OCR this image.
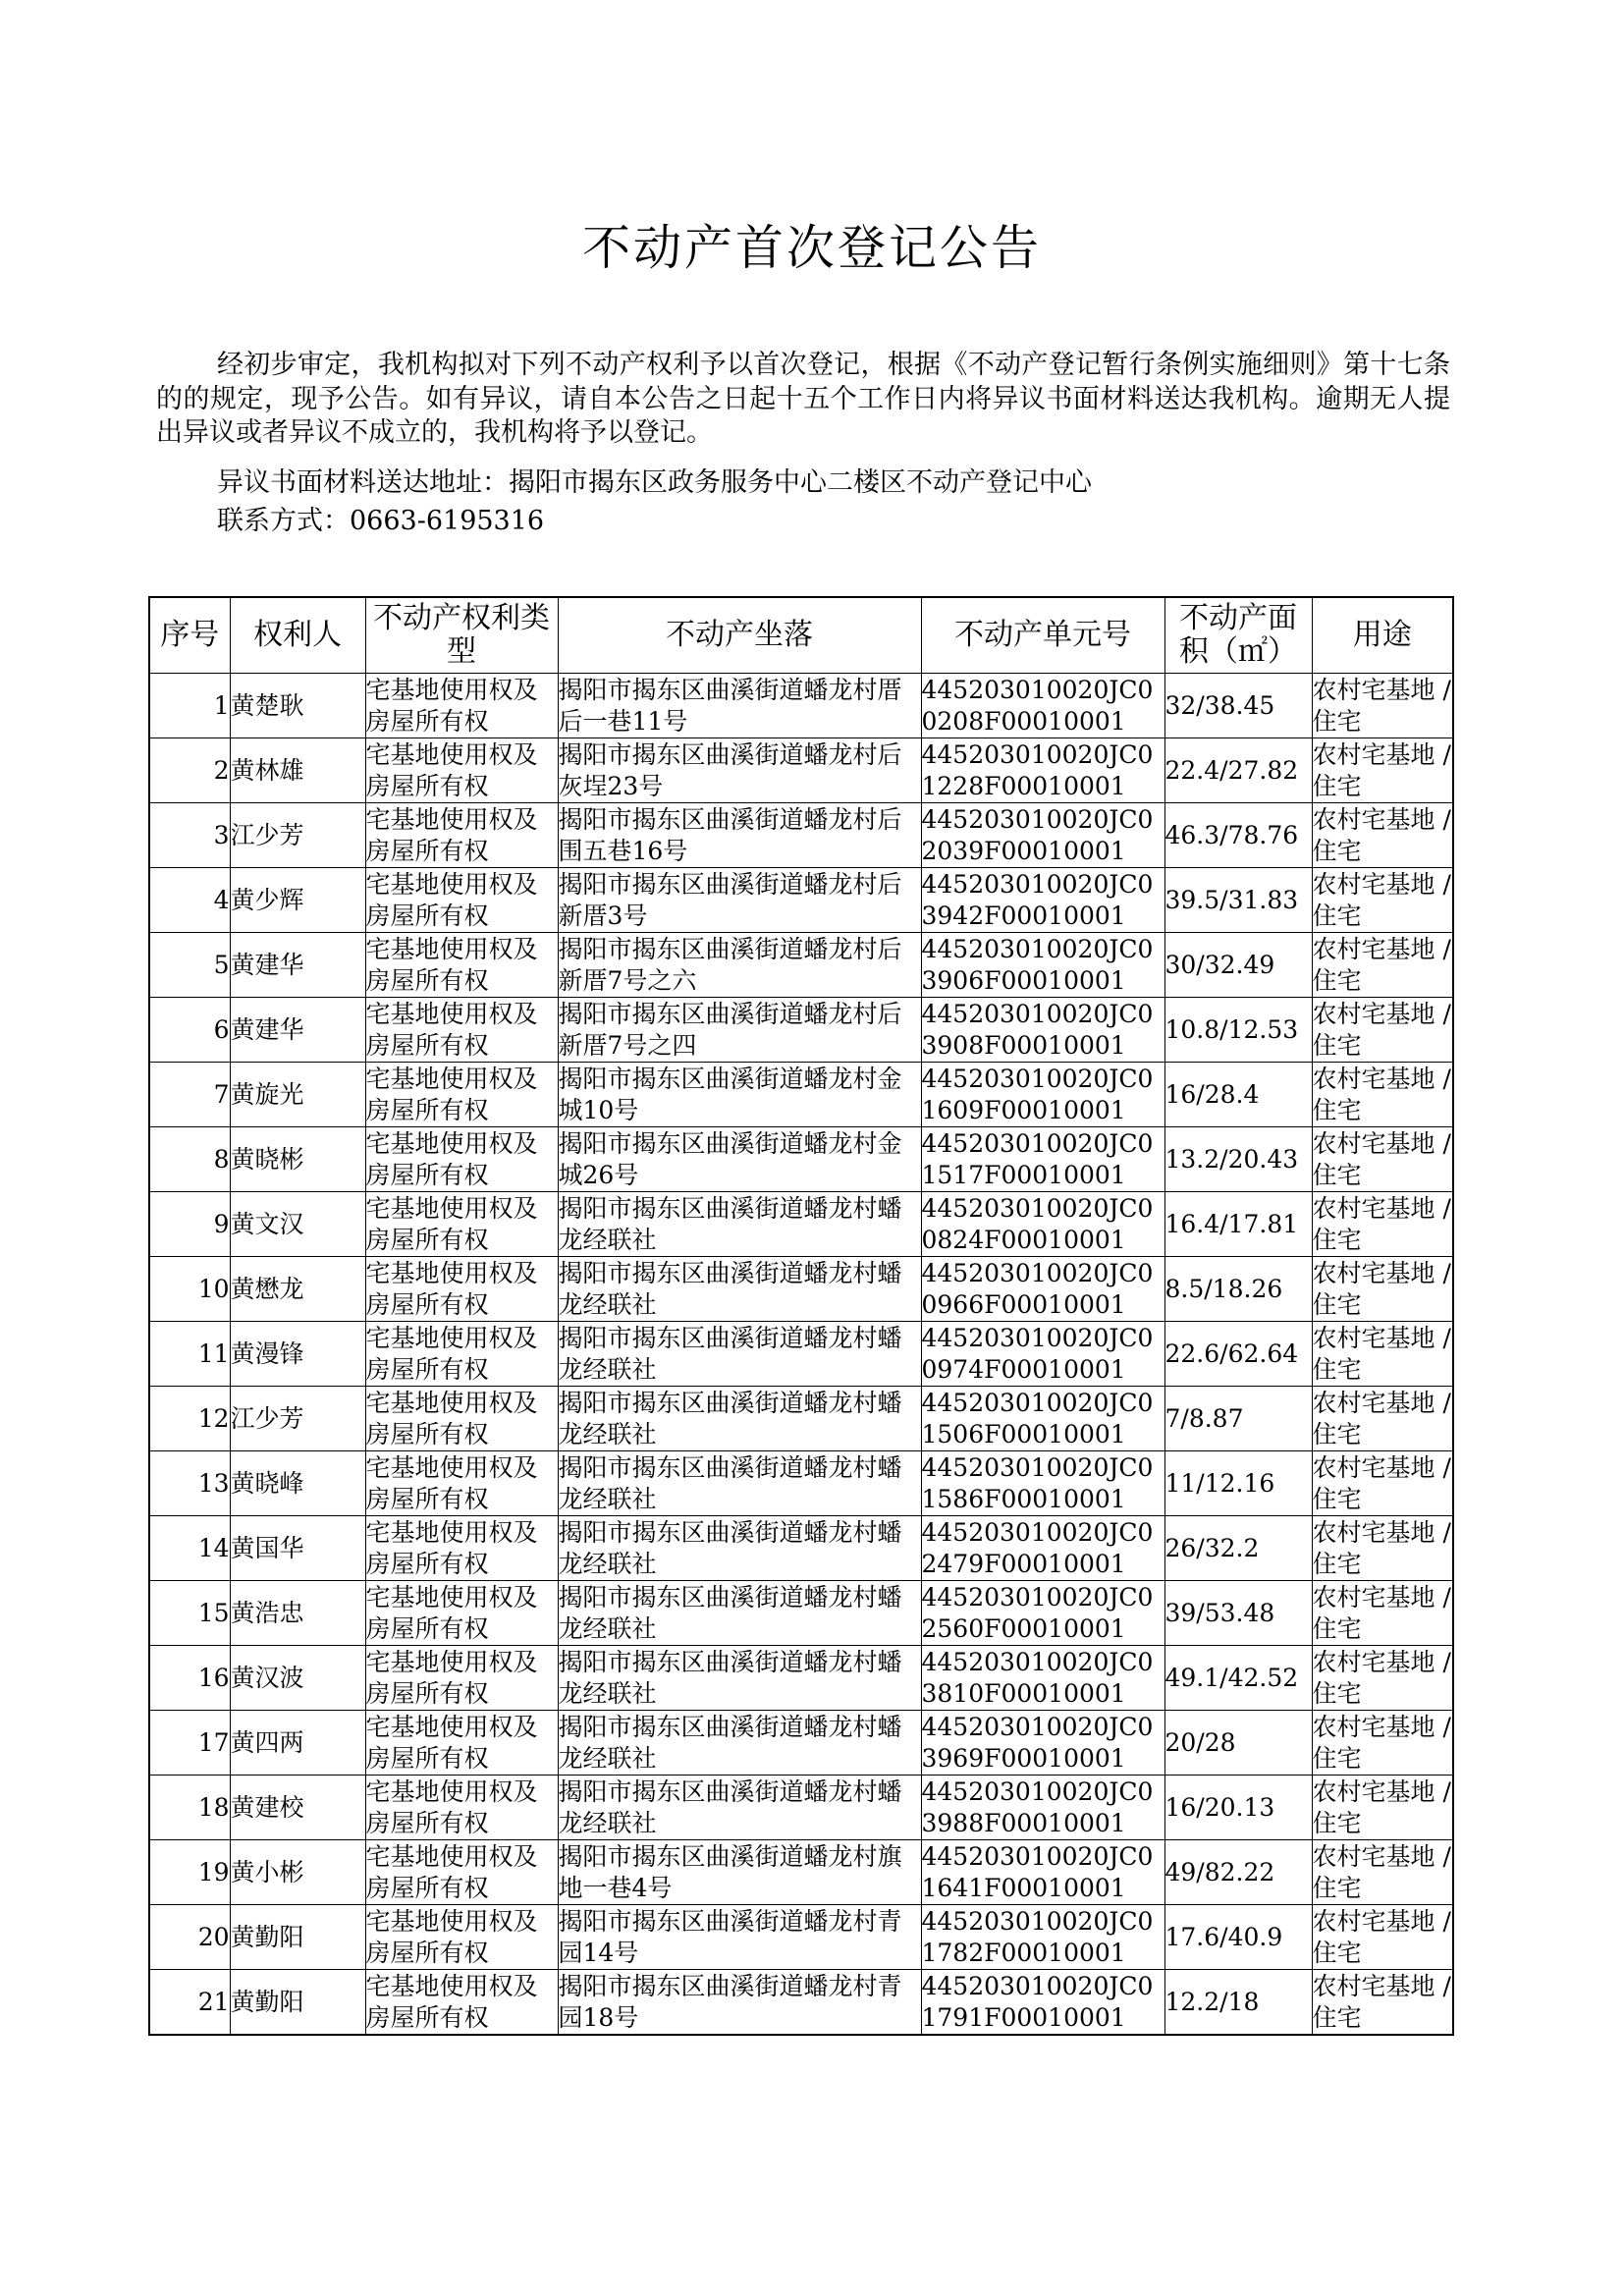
不动产首次登记公告

经初步审定，我机构拟对下列不动产权利予以首次登记，根据《不动产登记暂行条例实施细则》第十七条的的规定，现予公告。如有异议，请自本公告之日起十五个工作日内将异议书面材料送达我机构。逾期无人提出异议或者异议不成立的，我机构将予以登记。

异议书面材料送达地址：揭阳市揭东区政务服务中心二楼区不动产登记中心
联系方式：0663-6195316
序号	权利人	不动产权利类型	不动产坐落	不动产单元号	不动产面积（㎡）	用途
1	黄楚耿	宅基地使用权及房屋所有权	揭阳市揭东区曲溪街道蟠龙村厝后一巷11号	445203010020JC00208F00010001	32/38.45	农村宅基地 / 住宅
2	黄林雄	宅基地使用权及房屋所有权	揭阳市揭东区曲溪街道蟠龙村后灰埕23号	445203010020JC01228F00010001	22.4/27.82	农村宅基地 / 住宅
3	江少芳	宅基地使用权及房屋所有权	揭阳市揭东区曲溪街道蟠龙村后围五巷16号	445203010020JC02039F00010001	46.3/78.76	农村宅基地 / 住宅
4	黄少辉	宅基地使用权及房屋所有权	揭阳市揭东区曲溪街道蟠龙村后新厝3号	445203010020JC03942F00010001	39.5/31.83	农村宅基地 / 住宅
5	黄建华	宅基地使用权及房屋所有权	揭阳市揭东区曲溪街道蟠龙村后新厝7号之六	445203010020JC03906F00010001	30/32.49	农村宅基地 / 住宅
6	黄建华	宅基地使用权及房屋所有权	揭阳市揭东区曲溪街道蟠龙村后新厝7号之四	445203010020JC03908F00010001	10.8/12.53	农村宅基地 / 住宅
7	黄旋光	宅基地使用权及房屋所有权	揭阳市揭东区曲溪街道蟠龙村金城10号	445203010020JC01609F00010001	16/28.4	农村宅基地 / 住宅
8	黄晓彬	宅基地使用权及房屋所有权	揭阳市揭东区曲溪街道蟠龙村金城26号	445203010020JC01517F00010001	13.2/20.43	农村宅基地 / 住宅
9	黄文汉	宅基地使用权及房屋所有权	揭阳市揭东区曲溪街道蟠龙村蟠龙经联社	445203010020JC00824F00010001	16.4/17.81	农村宅基地 / 住宅
10	黄懋龙	宅基地使用权及房屋所有权	揭阳市揭东区曲溪街道蟠龙村蟠龙经联社	445203010020JC00966F00010001	8.5/18.26	农村宅基地 / 住宅
11	黄漫锋	宅基地使用权及房屋所有权	揭阳市揭东区曲溪街道蟠龙村蟠龙经联社	445203010020JC00974F00010001	22.6/62.64	农村宅基地 / 住宅
12	江少芳	宅基地使用权及房屋所有权	揭阳市揭东区曲溪街道蟠龙村蟠龙经联社	445203010020JC01506F00010001	7/8.87	农村宅基地 / 住宅
13	黄晓峰	宅基地使用权及房屋所有权	揭阳市揭东区曲溪街道蟠龙村蟠龙经联社	445203010020JC01586F00010001	11/12.16	农村宅基地 / 住宅
14	黄国华	宅基地使用权及房屋所有权	揭阳市揭东区曲溪街道蟠龙村蟠龙经联社	445203010020JC02479F00010001	26/32.2	农村宅基地 / 住宅
15	黄浩忠	宅基地使用权及房屋所有权	揭阳市揭东区曲溪街道蟠龙村蟠龙经联社	445203010020JC02560F00010001	39/53.48	农村宅基地 / 住宅
16	黄汉波	宅基地使用权及房屋所有权	揭阳市揭东区曲溪街道蟠龙村蟠龙经联社	445203010020JC03810F00010001	49.1/42.52	农村宅基地 / 住宅
17	黄四两	宅基地使用权及房屋所有权	揭阳市揭东区曲溪街道蟠龙村蟠龙经联社	445203010020JC03969F00010001	20/28	农村宅基地 / 住宅
18	黄建校	宅基地使用权及房屋所有权	揭阳市揭东区曲溪街道蟠龙村蟠龙经联社	445203010020JC03988F00010001	16/20.13	农村宅基地 / 住宅
19	黄小彬	宅基地使用权及房屋所有权	揭阳市揭东区曲溪街道蟠龙村旗地一巷4号	445203010020JC01641F00010001	49/82.22	农村宅基地 / 住宅
20	黄勤阳	宅基地使用权及房屋所有权	揭阳市揭东区曲溪街道蟠龙村青园14号	445203010020JC01782F00010001	17.6/40.9	农村宅基地 / 住宅
21	黄勤阳	宅基地使用权及房屋所有权	揭阳市揭东区曲溪街道蟠龙村青园18号	445203010020JC01791F00010001	12.2/18	农村宅基地 / 住宅
